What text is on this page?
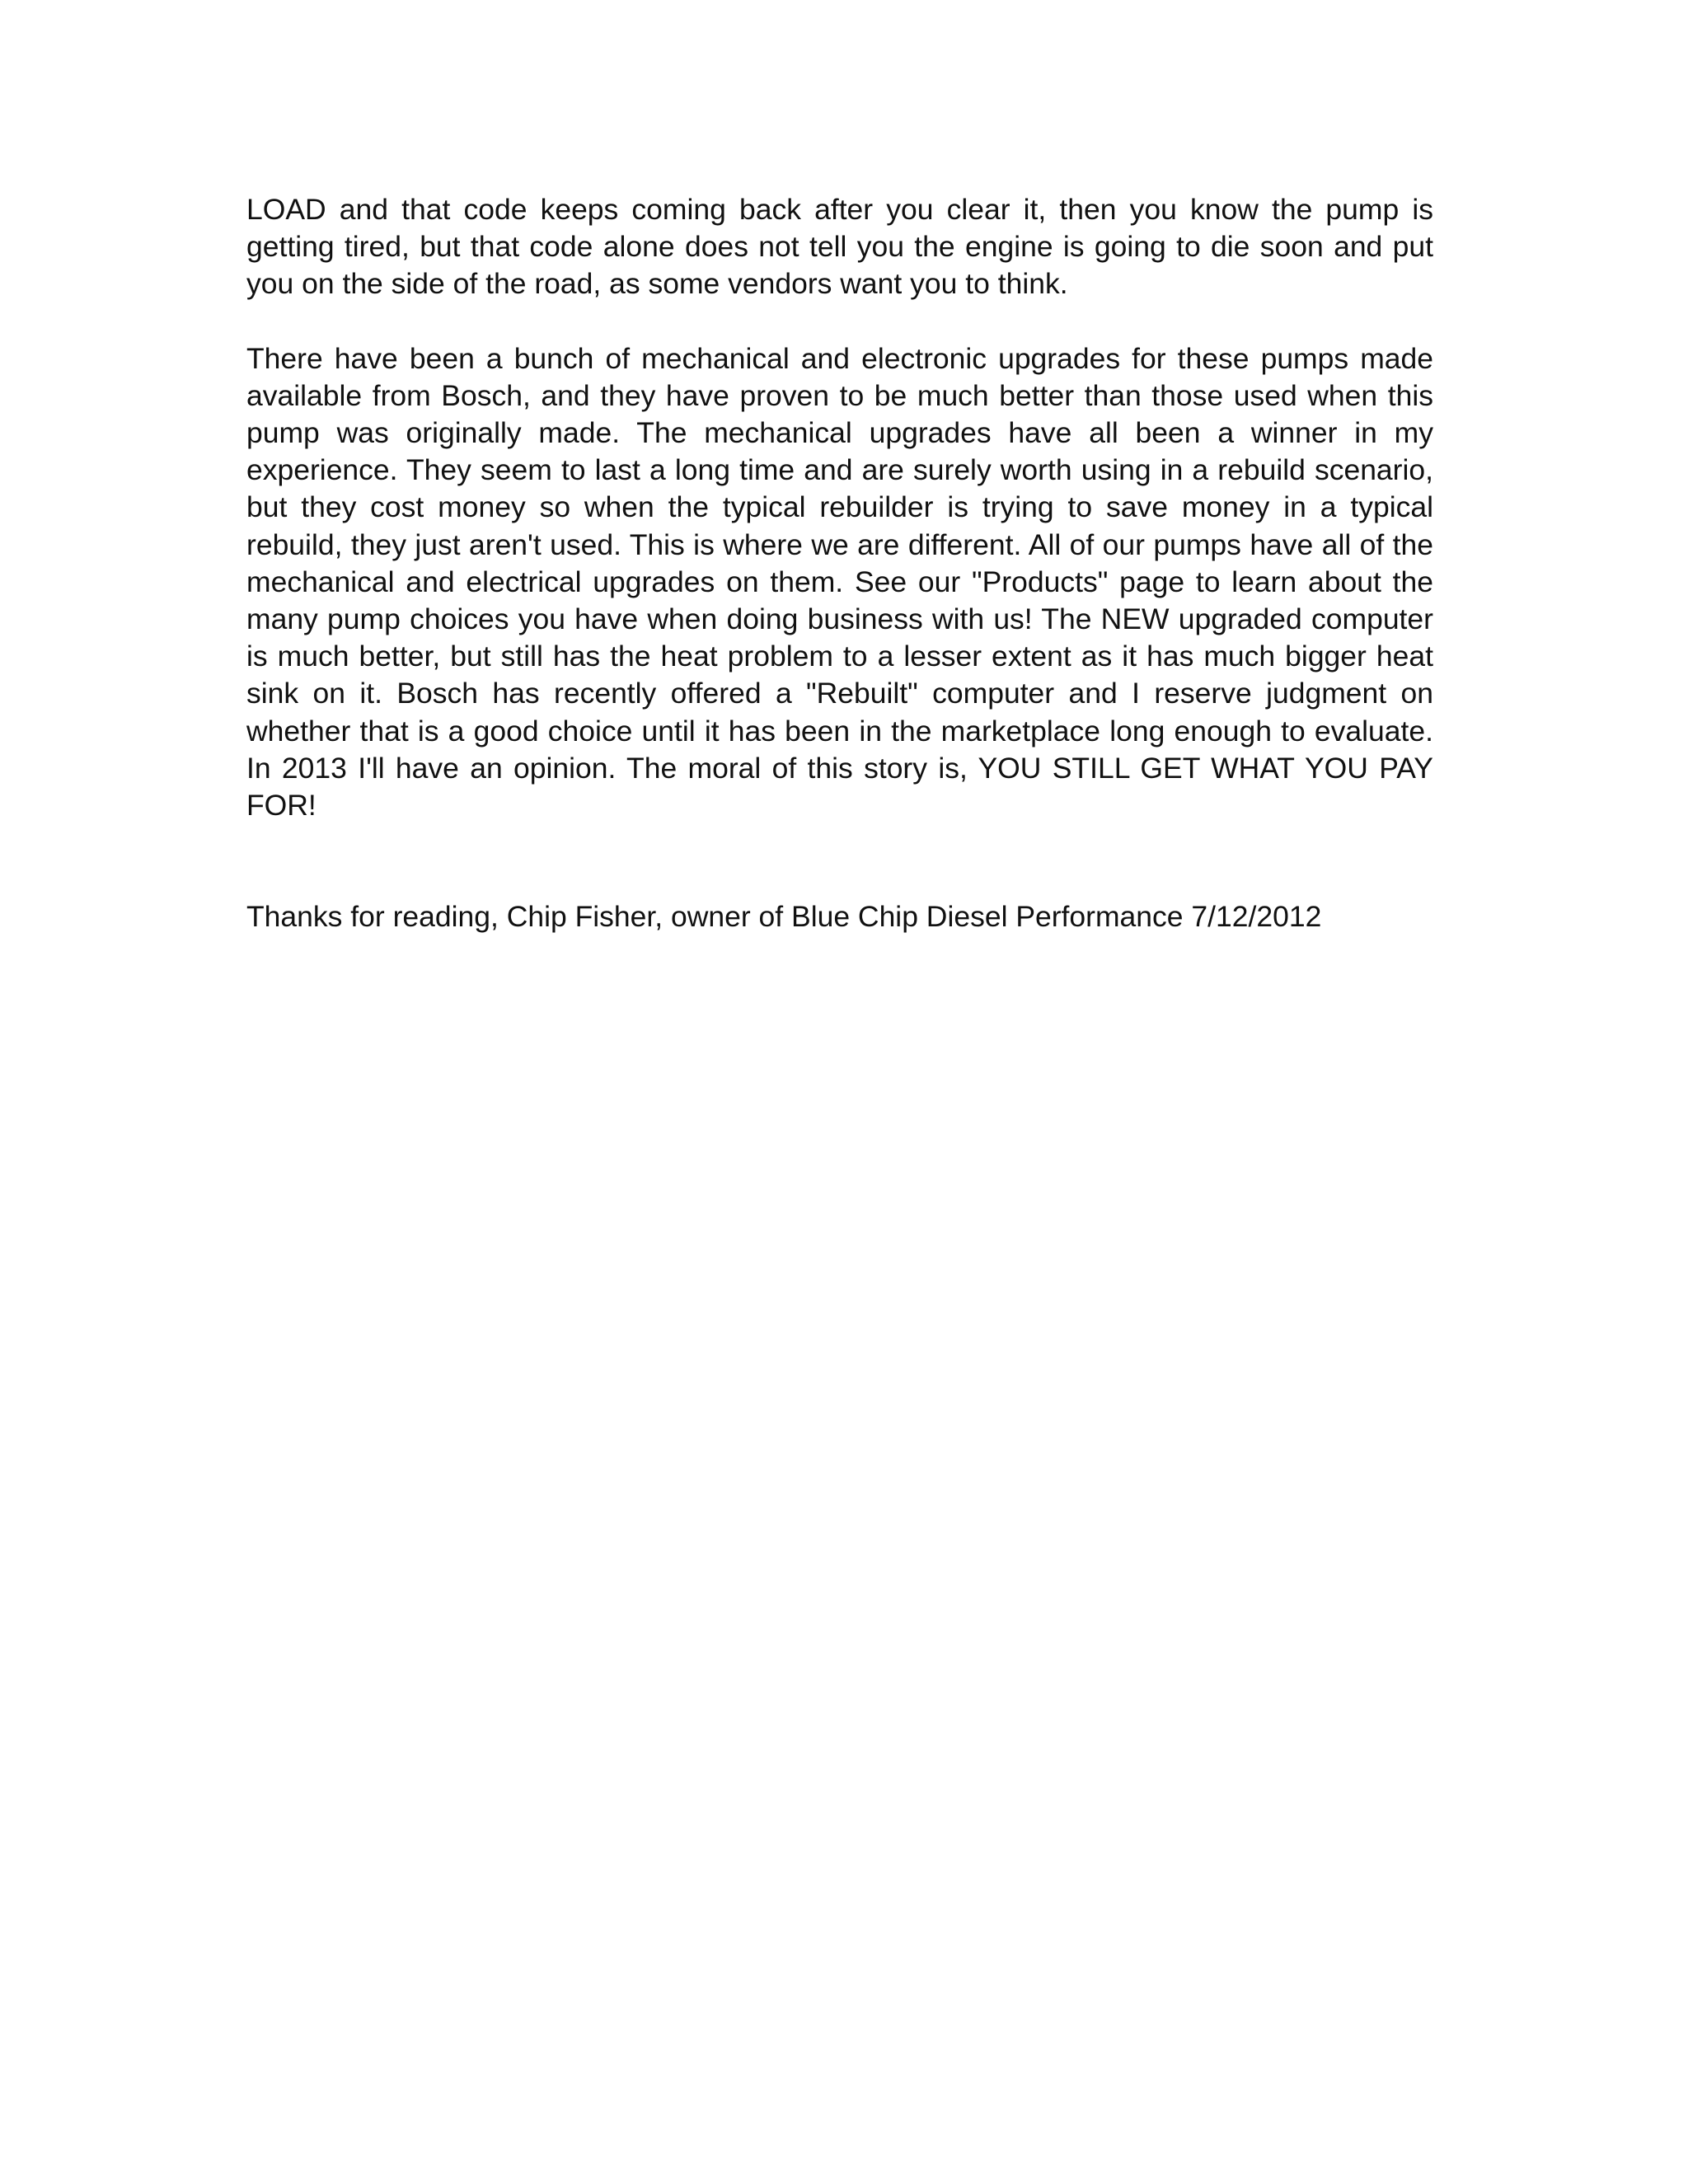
LOAD and that code keeps coming back after you clear it, then you know the pump is getting tired, but that code alone does not tell you the engine is going to die soon and put you on the side of the road, as some vendors want you to think.

There have been a bunch of mechanical and electronic upgrades for these pumps made available from Bosch, and they have proven to be much better than those used when this pump was originally made. The mechanical upgrades have all been a winner in my experience. They seem to last a long time and are surely worth using in a rebuild scenario, but they cost money so when the typical rebuilder is trying to save money in a typical rebuild, they just aren't used. This is where we are different. All of our pumps have all of the mechanical and electrical upgrades on them. See our "Products" page to learn about the many pump choices you have when doing business with us! The NEW upgraded computer is much better, but still has the heat problem to a lesser extent as it has much bigger heat sink on it. Bosch has recently offered a "Rebuilt" computer and I reserve judgment on whether that is a good choice until it has been in the marketplace long enough to evaluate. In 2013 I'll have an opinion. The moral of this story is, YOU STILL GET WHAT YOU PAY FOR!

Thanks for reading, Chip Fisher, owner of Blue Chip Diesel Performance 7/12/2012
